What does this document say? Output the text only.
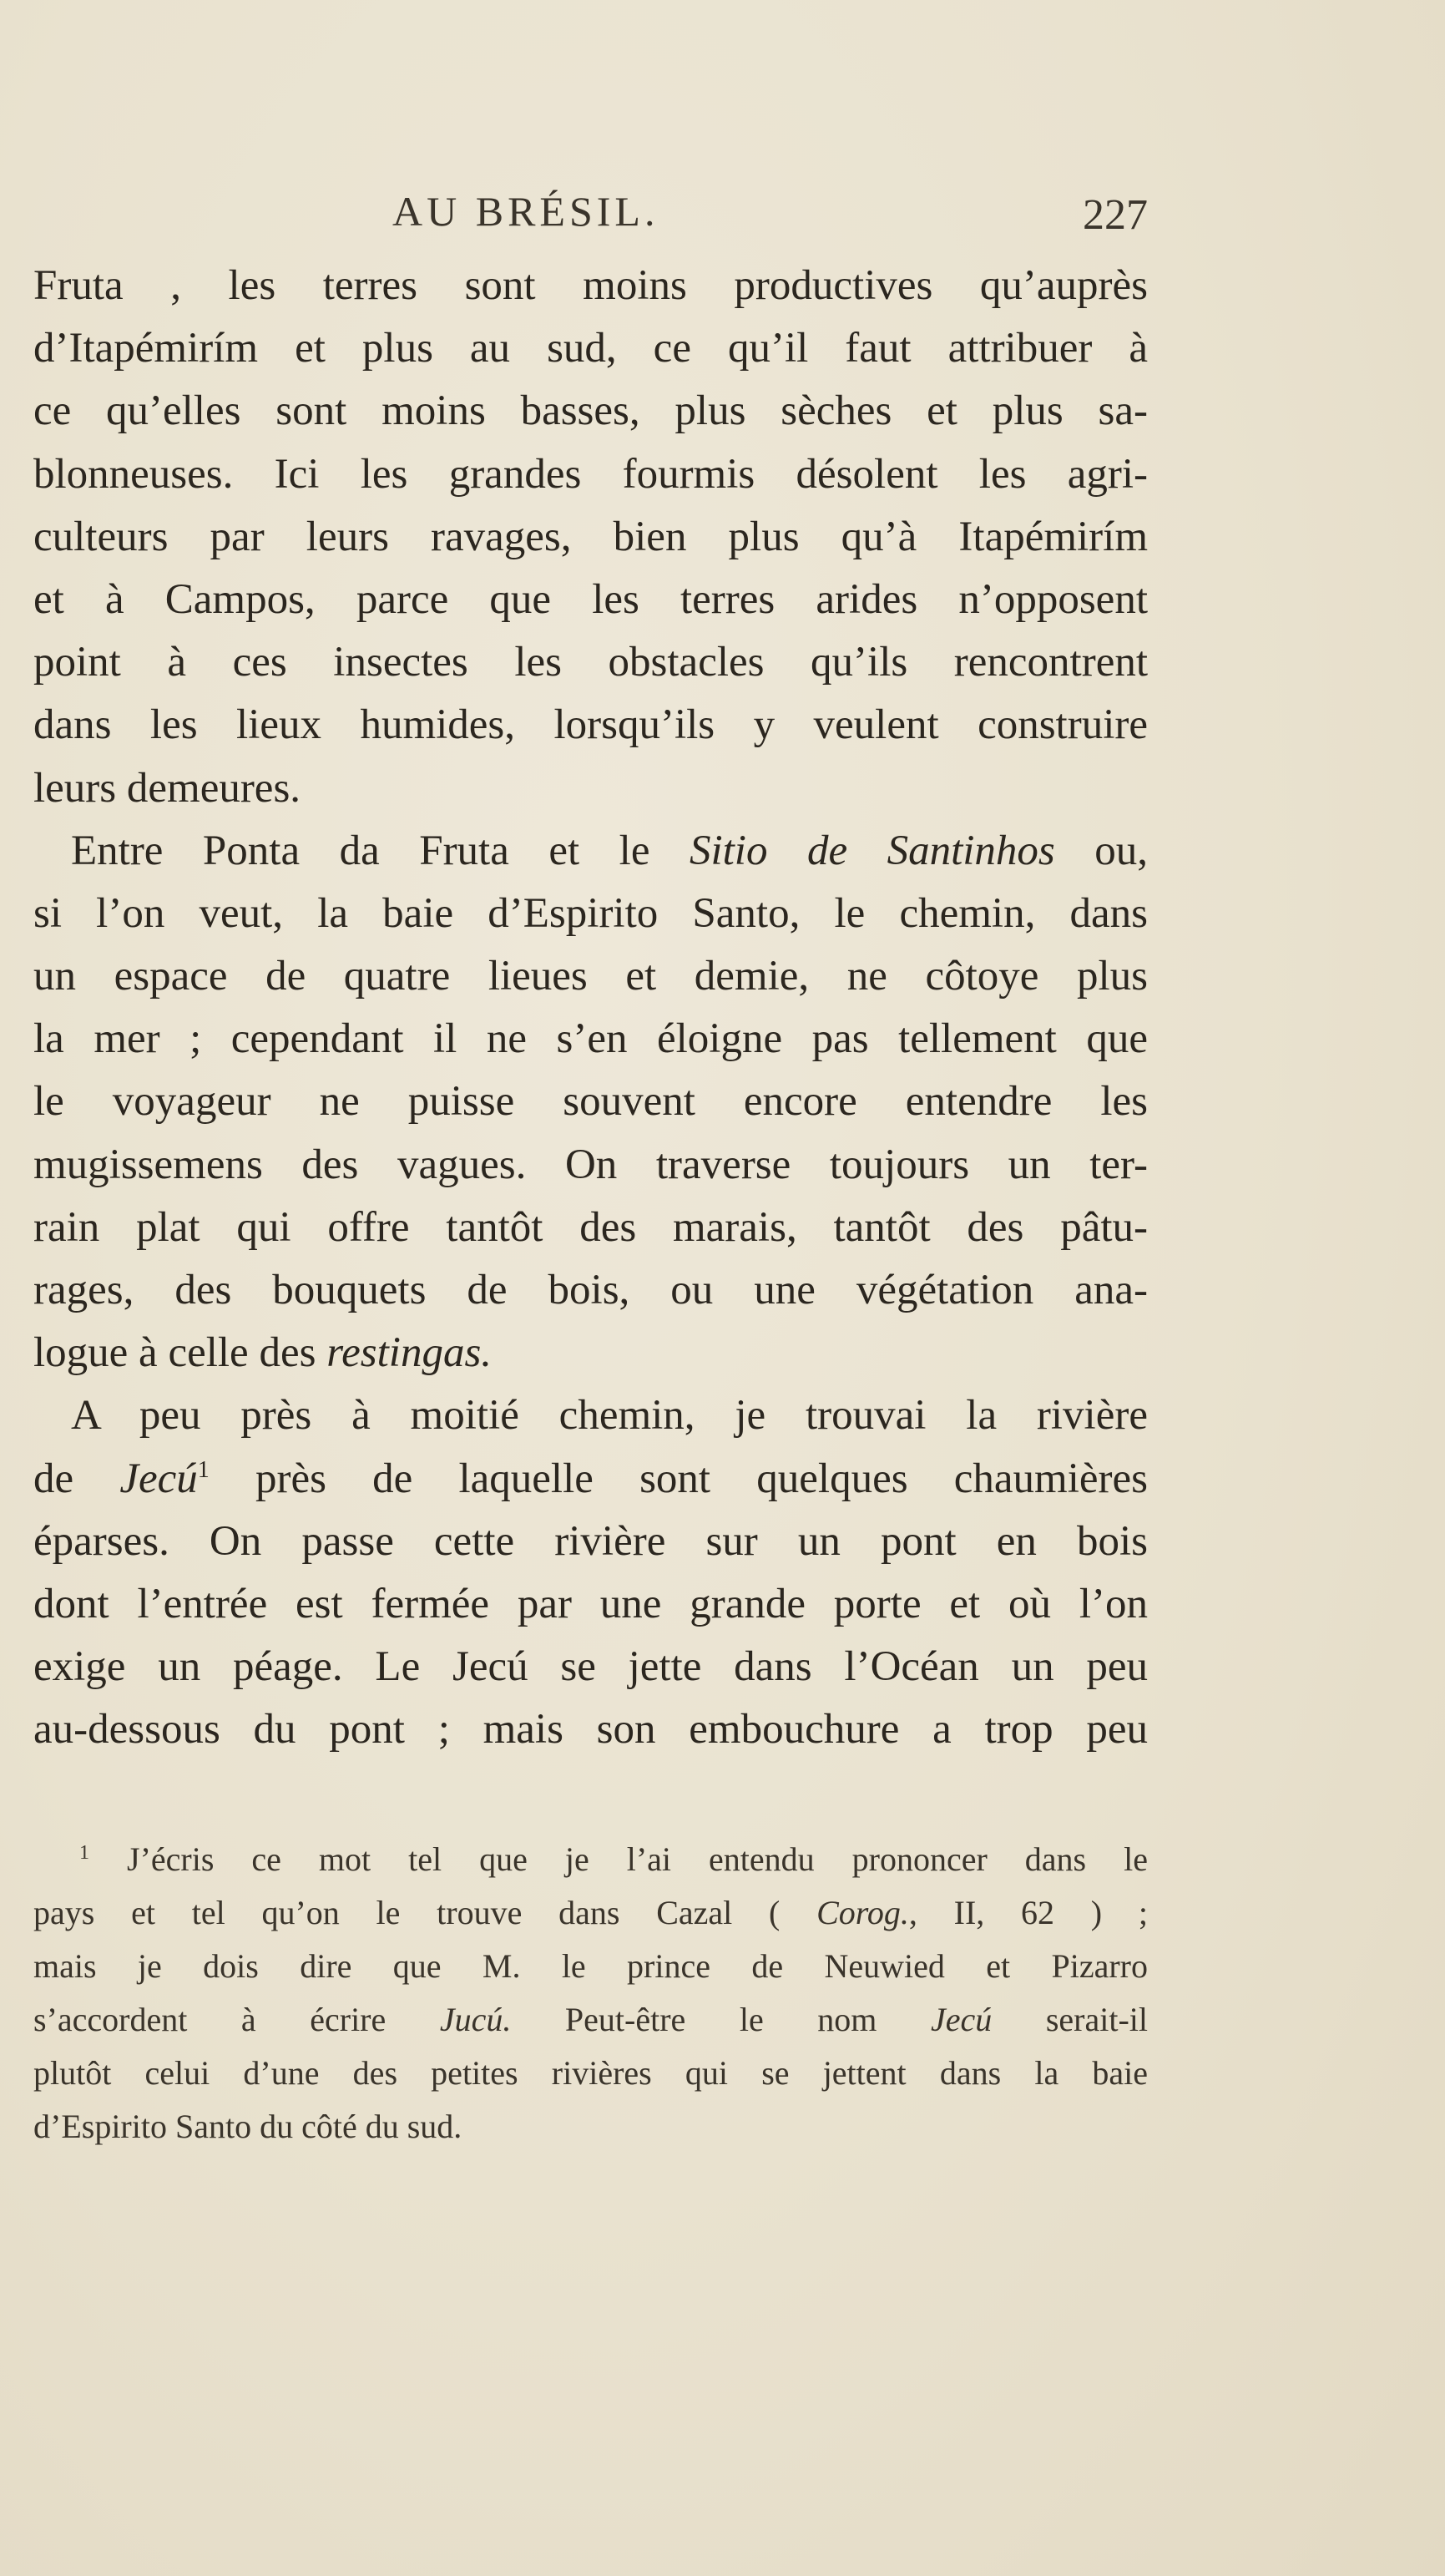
AU BRÉSIL.	227
Fruta , les terres sont moins productives qu’auprès
d’Itapémirím et plus au sud, ce qu’il faut attribuer à
ce qu’elles sont moins basses, plus sèches et plus sa-
blonneuses. Ici les grandes fourmis désolent les agri-
culteurs par leurs ravages, bien plus qu’à Itapémirím
et à Campos, parce que les terres arides n’opposent
point à ces insectes les obstacles qu’ils rencontrent
dans les lieux humides, lorsqu’ils y veulent construire
leurs demeures.
Entre Ponta da Fruta et le Sitio de Santinhos ou,
si l’on veut, la baie d’Espirito Santo, le chemin, dans
un espace de quatre lieues et demie, ne côtoye plus
la mer ; cependant il ne s’en éloigne pas tellement que
le voyageur ne puisse souvent encore entendre les
mugissemens des vagues. On traverse toujours un ter-
rain plat qui offre tantôt des marais, tantôt des pâtu-
rages, des bouquets de bois, ou une végétation ana-
logue à celle des restingas.
A peu près à moitié chemin, je trouvai la rivière
de Jecú$^1$ près de laquelle sont quelques chaumières
éparses. On passe cette rivière sur un pont en bois
dont l’entrée est fermée par une grande porte et où l’on
exige un péage. Le Jecú se jette dans l’Océan un peu
au-dessous du pont ; mais son embouchure a trop peu
$^1$ J’écris ce mot tel que je l’ai entendu prononcer dans le
pays et tel qu’on le trouve dans Cazal ( Corog., II, 62 ) ;
mais je dois dire que M. le prince de Neuwied et Pizarro
s’accordent à écrire Jucú. Peut-être le nom Jecú serait-il
plutôt celui d’une des petites rivières qui se jettent dans la baie
d’Espirito Santo du côté du sud.
